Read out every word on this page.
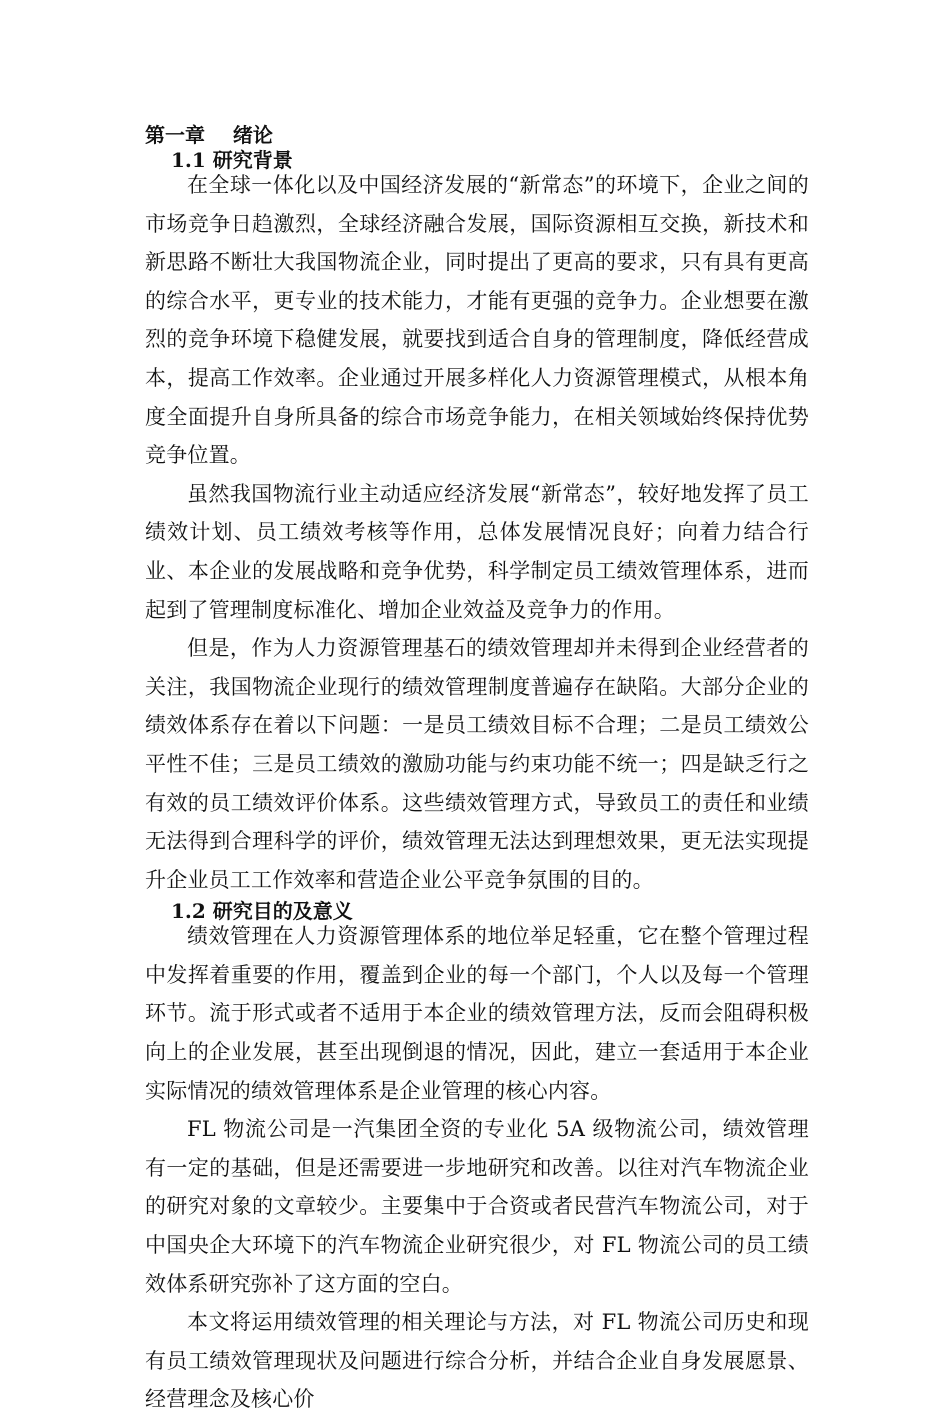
第一章    绪论
1.1 研究背景

在全球一体化以及中国经济发展的“新常态”的环境下，企业之间的市场竞争日趋激烈，全球经济融合发展，国际资源相互交换，新技术和新思路不断壮大我国物流企业，同时提出了更高的要求，只有具有更高的综合水平，更专业的技术能力，才能有更强的竞争力。企业想要在激烈的竞争环境下稳健发展，就要找到适合自身的管理制度，降低经营成本，提高工作效率。企业通过开展多样化人力资源管理模式，从根本角度全面提升自身所具备的综合市场竞争能力，在相关领域始终保持优势竞争位置。

虽然我国物流行业主动适应经济发展“新常态”，较好地发挥了员工绩效计划、员工绩效考核等作用，总体发展情况良好；向着力结合行业、本企业的发展战略和竞争优势，科学制定员工绩效管理体系，进而起到了管理制度标准化、增加企业效益及竞争力的作用。

但是，作为人力资源管理基石的绩效管理却并未得到企业经营者的关注，我国物流企业现行的绩效管理制度普遍存在缺陷。大部分企业的绩效体系存在着以下问题：一是员工绩效目标不合理；二是员工绩效公平性不佳；三是员工绩效的激励功能与约束功能不统一；四是缺乏行之有效的员工绩效评价体系。这些绩效管理方式，导致员工的责任和业绩无法得到合理科学的评价，绩效管理无法达到理想效果，更无法实现提升企业员工工作效率和营造企业公平竞争氛围的目的。

1.2 研究目的及意义

绩效管理在人力资源管理体系的地位举足轻重，它在整个管理过程中发挥着重要的作用，覆盖到企业的每一个部门，个人以及每一个管理环节。流于形式或者不适用于本企业的绩效管理方法，反而会阻碍积极向上的企业发展，甚至出现倒退的情况，因此，建立一套适用于本企业实际情况的绩效管理体系是企业管理的核心内容。

FL 物流公司是一汽集团全资的专业化 5A 级物流公司，绩效管理有一定的基础，但是还需要进一步地研究和改善。以往对汽车物流企业的研究对象的文章较少。主要集中于合资或者民营汽车物流公司，对于中国央企大环境下的汽车物流企业研究很少，对 FL 物流公司的员工绩效体系研究弥补了这方面的空白。

本文将运用绩效管理的相关理论与方法，对 FL 物流公司历史和现有员工绩效管理现状及问题进行综合分析，并结合企业自身发展愿景、经营理念及核心价
